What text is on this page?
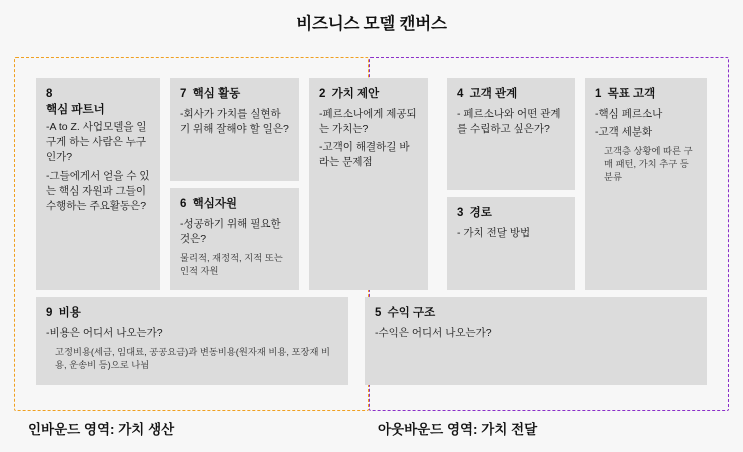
비즈니스 모델 캔버스
인바운드 영역: 가치 생산	아웃바운드 영역: 가치 전달
8
핵심 파트너
-A to Z. 사업모델을 일구게 하는 사람은 누구인가?
-그들에게서 얻을 수 있는 핵심 자원과 그들이 수행하는 주요활동은?
7 핵심 활동
-회사가 가치를 실현하기 위해 잘해야 할 일은?
6 핵심자원
-성공하기 위해 필요한 것은?
물리적, 재정적, 지적 또는 인적 자원
2 가치 제안
-페르소나에게 제공되는 가치는?
-고객이 해결하길 바라는 문제점
4 고객 관계
- 페르소나와 어떤 관계를 수립하고 싶은가?
3 경로
- 가치 전달 방법
1 목표 고객
-핵심 페르소나
-고객 세분화
고객층 상황에 따른 구매 패턴, 가치 추구 등 분류
9 비용
-비용은 어디서 나오는가?
고정비용(세금, 임대료, 공공요금)과 변동비용(원자재 비용, 포장재 비용, 운송비 등)으로 나뉨
5 수익 구조
-수익은 어디서 나오는가?
